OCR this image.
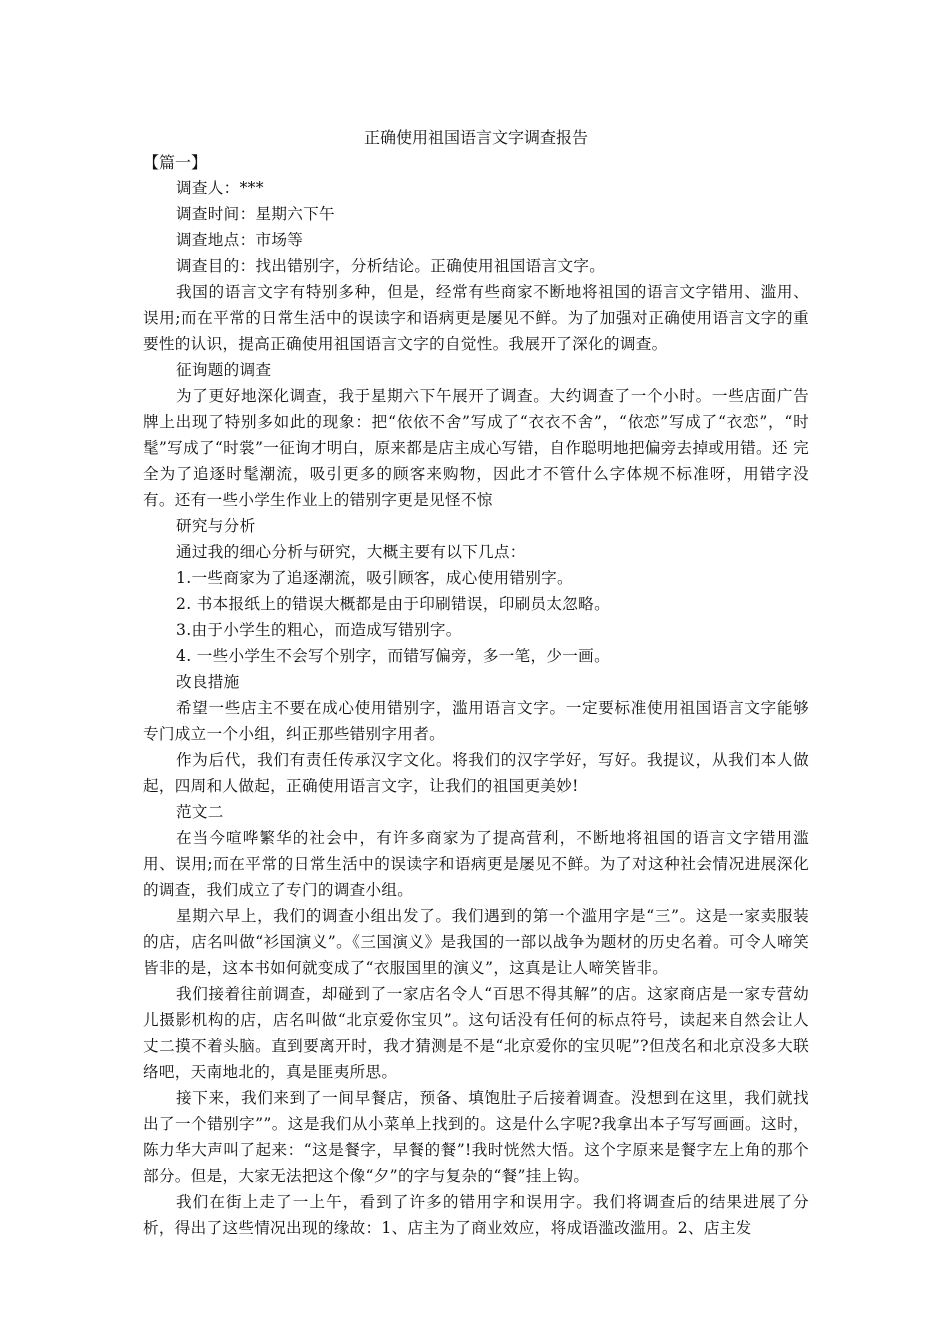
正确使用祖国语言文字调查报告
【篇一】

调查人：***

调查时间：星期六下午

调查地点：市场等

调查目的：找出错别字，分析结论。正确使用祖国语言文字。

我国的语言文字有特别多种，但是，经常有些商家不断地将祖国的语言文字错用、滥用、误用;而在平常的日常生活中的误读字和语病更是屡见不鲜。为了加强对正确使用语言文字的重要性的认识，提高正确使用祖国语言文字的自觉性。我展开了深化的调查。

征询题的调查

为了更好地深化调查，我于星期六下午展开了调查。大约调查了一个小时。一些店面广告牌上出现了特别多如此的现象：把“依依不舍”写成了“衣衣不舍”，“依恋”写成了“衣恋”，“时髦”写成了“时裳”一征询才明白，原来都是店主成心写错，自作聪明地把偏旁去掉或用错。还 完全为了追逐时髦潮流，吸引更多的顾客来购物，因此才不管什么字体规不标准呀，用错字没有。还有一些小学生作业上的错别字更是见怪不惊

研究与分析

通过我的细心分析与研究，大概主要有以下几点：

1.一些商家为了追逐潮流，吸引顾客，成心使用错别字。

2. 书本报纸上的错误大概都是由于印刷错误，印刷员太忽略。

3.由于小学生的粗心，而造成写错别字。

4. 一些小学生不会写个别字，而错写偏旁，多一笔，少一画。

改良措施

希望一些店主不要在成心使用错别字，滥用语言文字。一定要标准使用祖国语言文字能够专门成立一个小组，纠正那些错别字用者。

作为后代，我们有责任传承汉字文化。将我们的汉字学好，写好。我提议，从我们本人做起，四周和人做起，正确使用语言文字，让我们的祖国更美妙!

范文二

在当今喧哗繁华的社会中，有许多商家为了提高营利，不断地将祖国的语言文字错用滥用、误用;而在平常的日常生活中的误读字和语病更是屡见不鲜。为了对这种社会情况进展深化的调查，我们成立了专门的调查小组。

星期六早上，我们的调查小组出发了。我们遇到的第一个滥用字是“三”。这是一家卖服装的店，店名叫做“衫国演义”。《三国演义》是我国的一部以战争为题材的历史名着。可令人啼笑皆非的是，这本书如何就变成了“衣服国里的演义”，这真是让人啼笑皆非。

我们接着往前调查，却碰到了一家店名令人“百思不得其解”的店。这家商店是一家专营幼儿摄影机构的店，店名叫做“北京爱你宝贝”。这句话没有任何的标点符号，读起来自然会让人丈二摸不着头脑。直到要离开时，我才猜测是不是“北京爱你的宝贝呢”?但茂名和北京没多大联络吧，天南地北的，真是匪夷所思。

接下来，我们来到了一间早餐店，预备、填饱肚子后接着调查。没想到在这里，我们就找出了一个错别字””。这是我们从小菜单上找到的。这是什么字呢?我拿出本子写写画画。这时，陈力华大声叫了起来：“这是餐字，早餐的餐”!我时恍然大悟。这个字原来是餐字左上角的那个部分。但是，大家无法把这个像“夕”的字与复杂的“餐”挂上钩。

我们在街上走了一上午，看到了许多的错用字和误用字。我们将调查后的结果进展了分析，得出了这些情况出现的缘故：1、店主为了商业效应，将成语滥改滥用。2、店主发
